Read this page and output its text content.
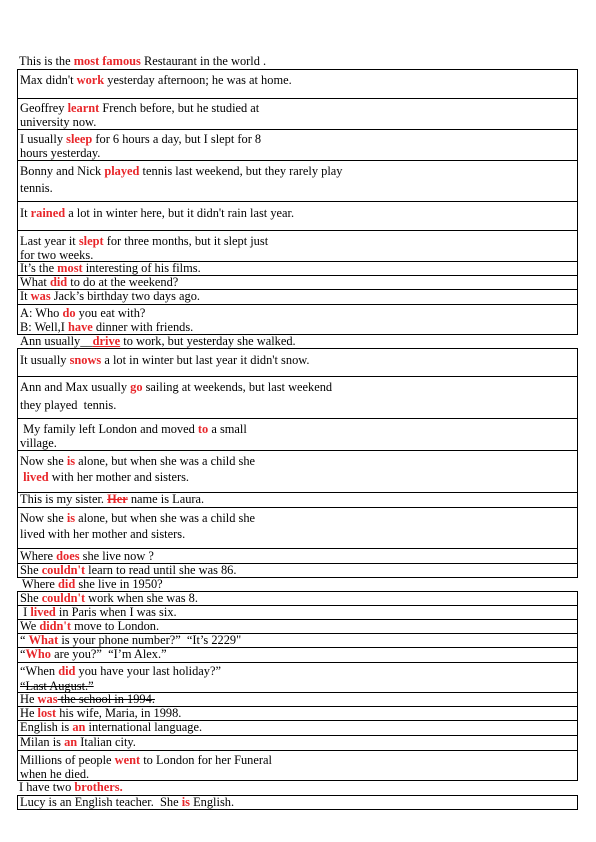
This is the most famous Restaurant in the world .
Max didn't work yesterday afternoon; he was at home.
Geoffrey learnt French before, but he studied at
university now.
I usually sleep for 6 hours a day, but I slept for 8
hours yesterday.
Bonny and Nick played tennis last weekend, but they rarely play
tennis.
It rained a lot in winter here, but it didn't rain last year.
Last year it slept for three months, but it slept just
for two weeks.
It’s the most interesting of his films.
What did to do at the weekend?
It was Jack’s birthday two days ago.
A: Who do you eat with?
B: Well,I have dinner with friends.
Ann usually__drive to work, but yesterday she walked.
It usually snows a lot in winter but last year it didn't snow.
Ann and Max usually go sailing at weekends, but last weekend
they played  tennis.
My family left London and moved to a small
village.
Now she is alone, but when she was a child she
lived with her mother and sisters.
This is my sister. Her name is Laura.
Now she is alone, but when she was a child she
lived with her mother and sisters.
Where does she live now ?
She couldn't learn to read until she was 86.
Where did she live in 1950?
She couldn't work when she was 8.
I lived in Paris when I was six.
We didn't move to London.
“ What is your phone number?”  “It’s 2229"
“Who are you?”  “I’m Alex.”
“When did you have your last holiday?”
“Last August.”
He was the school in 1994.
He lost his wife, Maria, in 1998.
English is an international language.
Milan is an Italian city.
Millions of people went to London for her Funeral
when he died.
I have two brothers.
Lucy is an English teacher.  She is English.
